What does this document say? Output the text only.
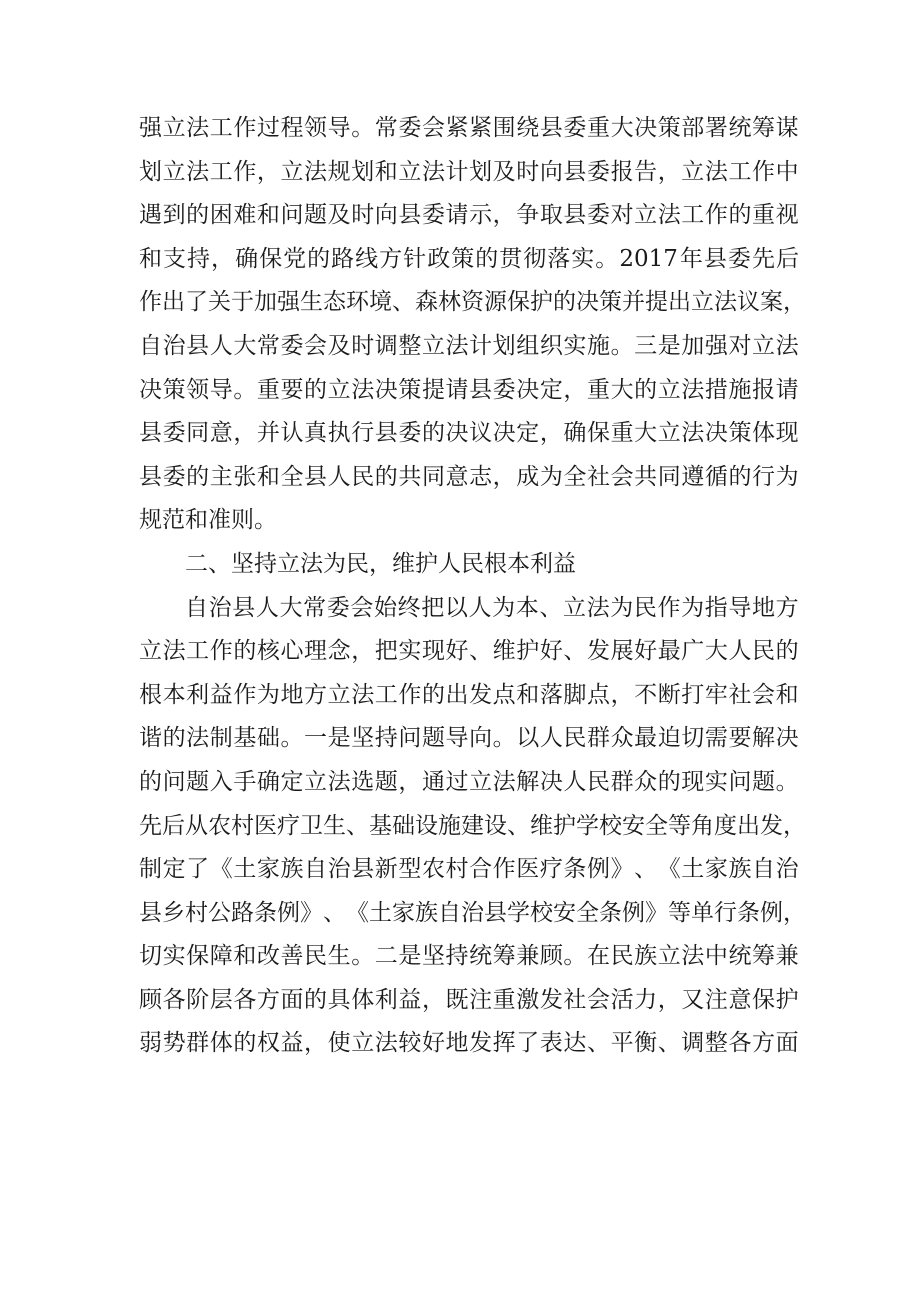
强 立 法 工 作 过 程 领 导 。 常 委 会 紧 紧 围 绕 县 委 重 大 决 策 部 署 统 筹 谋
划 立 法 工 作 ， 立 法 规 划 和 立 法 计 划 及 时 向 县 委 报 告 ， 立 法 工 作 中
遇 到 的 困 难 和 问 题 及 时 向 县 委 请 示 ， 争 取 县 委 对 立 法 工 作 的 重 视
和 支 持 ， 确 保 党 的 路 线 方 针 政 策 的 贯 彻 落 实 。 2017 年 县 委 先 后
作 出 了 关 于 加 强 生 态 环 境 、 森 林 资 源 保 护 的 决 策 并 提 出 立 法 议 案 ，
自 治 县 人 大 常 委 会 及 时 调 整 立 法 计 划 组 织 实 施 。 三 是 加 强 对 立 法
决 策 领 导 。 重 要 的 立 法 决 策 提 请 县 委 决 定 ， 重 大 的 立 法 措 施 报 请
县 委 同 意 ， 并 认 真 执 行 县 委 的 决 议 决 定 ， 确 保 重 大 立 法 决 策 体 现
县 委 的 主 张 和 全 县 人 民 的 共 同 意 志 ， 成 为 全 社 会 共 同 遵 循 的 行 为
规范和准则。
二、坚持立法为民，维护人民根本利益
自 治 县 人 大 常 委 会 始 终 把 以 人 为 本 、 立 法 为 民 作 为 指 导 地 方
立 法 工 作 的 核 心 理 念 ， 把 实 现 好 、 维 护 好 、 发 展 好 最 广 大 人 民 的
根 本 利 益 作 为 地 方 立 法 工 作 的 出 发 点 和 落 脚 点 ， 不 断 打 牢 社 会 和
谐 的 法 制 基 础 。 一 是 坚 持 问 题 导 向 。 以 人 民 群 众 最 迫 切 需 要 解 决
的 问 题 入 手 确 定 立 法 选 题 ， 通 过 立 法 解 决 人 民 群 众 的 现 实 问 题 。
先 后 从 农 村 医 疗 卫 生 、 基 础 设 施 建 设 、 维 护 学 校 安 全 等 角 度 出 发 ，
制 定 了 《 土 家 族 自 治 县 新 型 农 村 合 作 医 疗 条 例 》 、 《 土 家 族 自 治
县 乡 村 公 路 条 例 》 、 《 土 家 族 自 治 县 学 校 安 全 条 例 》 等 单 行 条 例 ，
切 实 保 障 和 改 善 民 生 。 二 是 坚 持 统 筹 兼 顾 。 在 民 族 立 法 中 统 筹 兼
顾 各 阶 层 各 方 面 的 具 体 利 益 ， 既 注 重 激 发 社 会 活 力 ， 又 注 意 保 护
弱 势 群 体 的 权 益 ， 使 立 法 较 好 地 发 挥 了 表 达 、 平 衡 、 调 整 各 方 面
